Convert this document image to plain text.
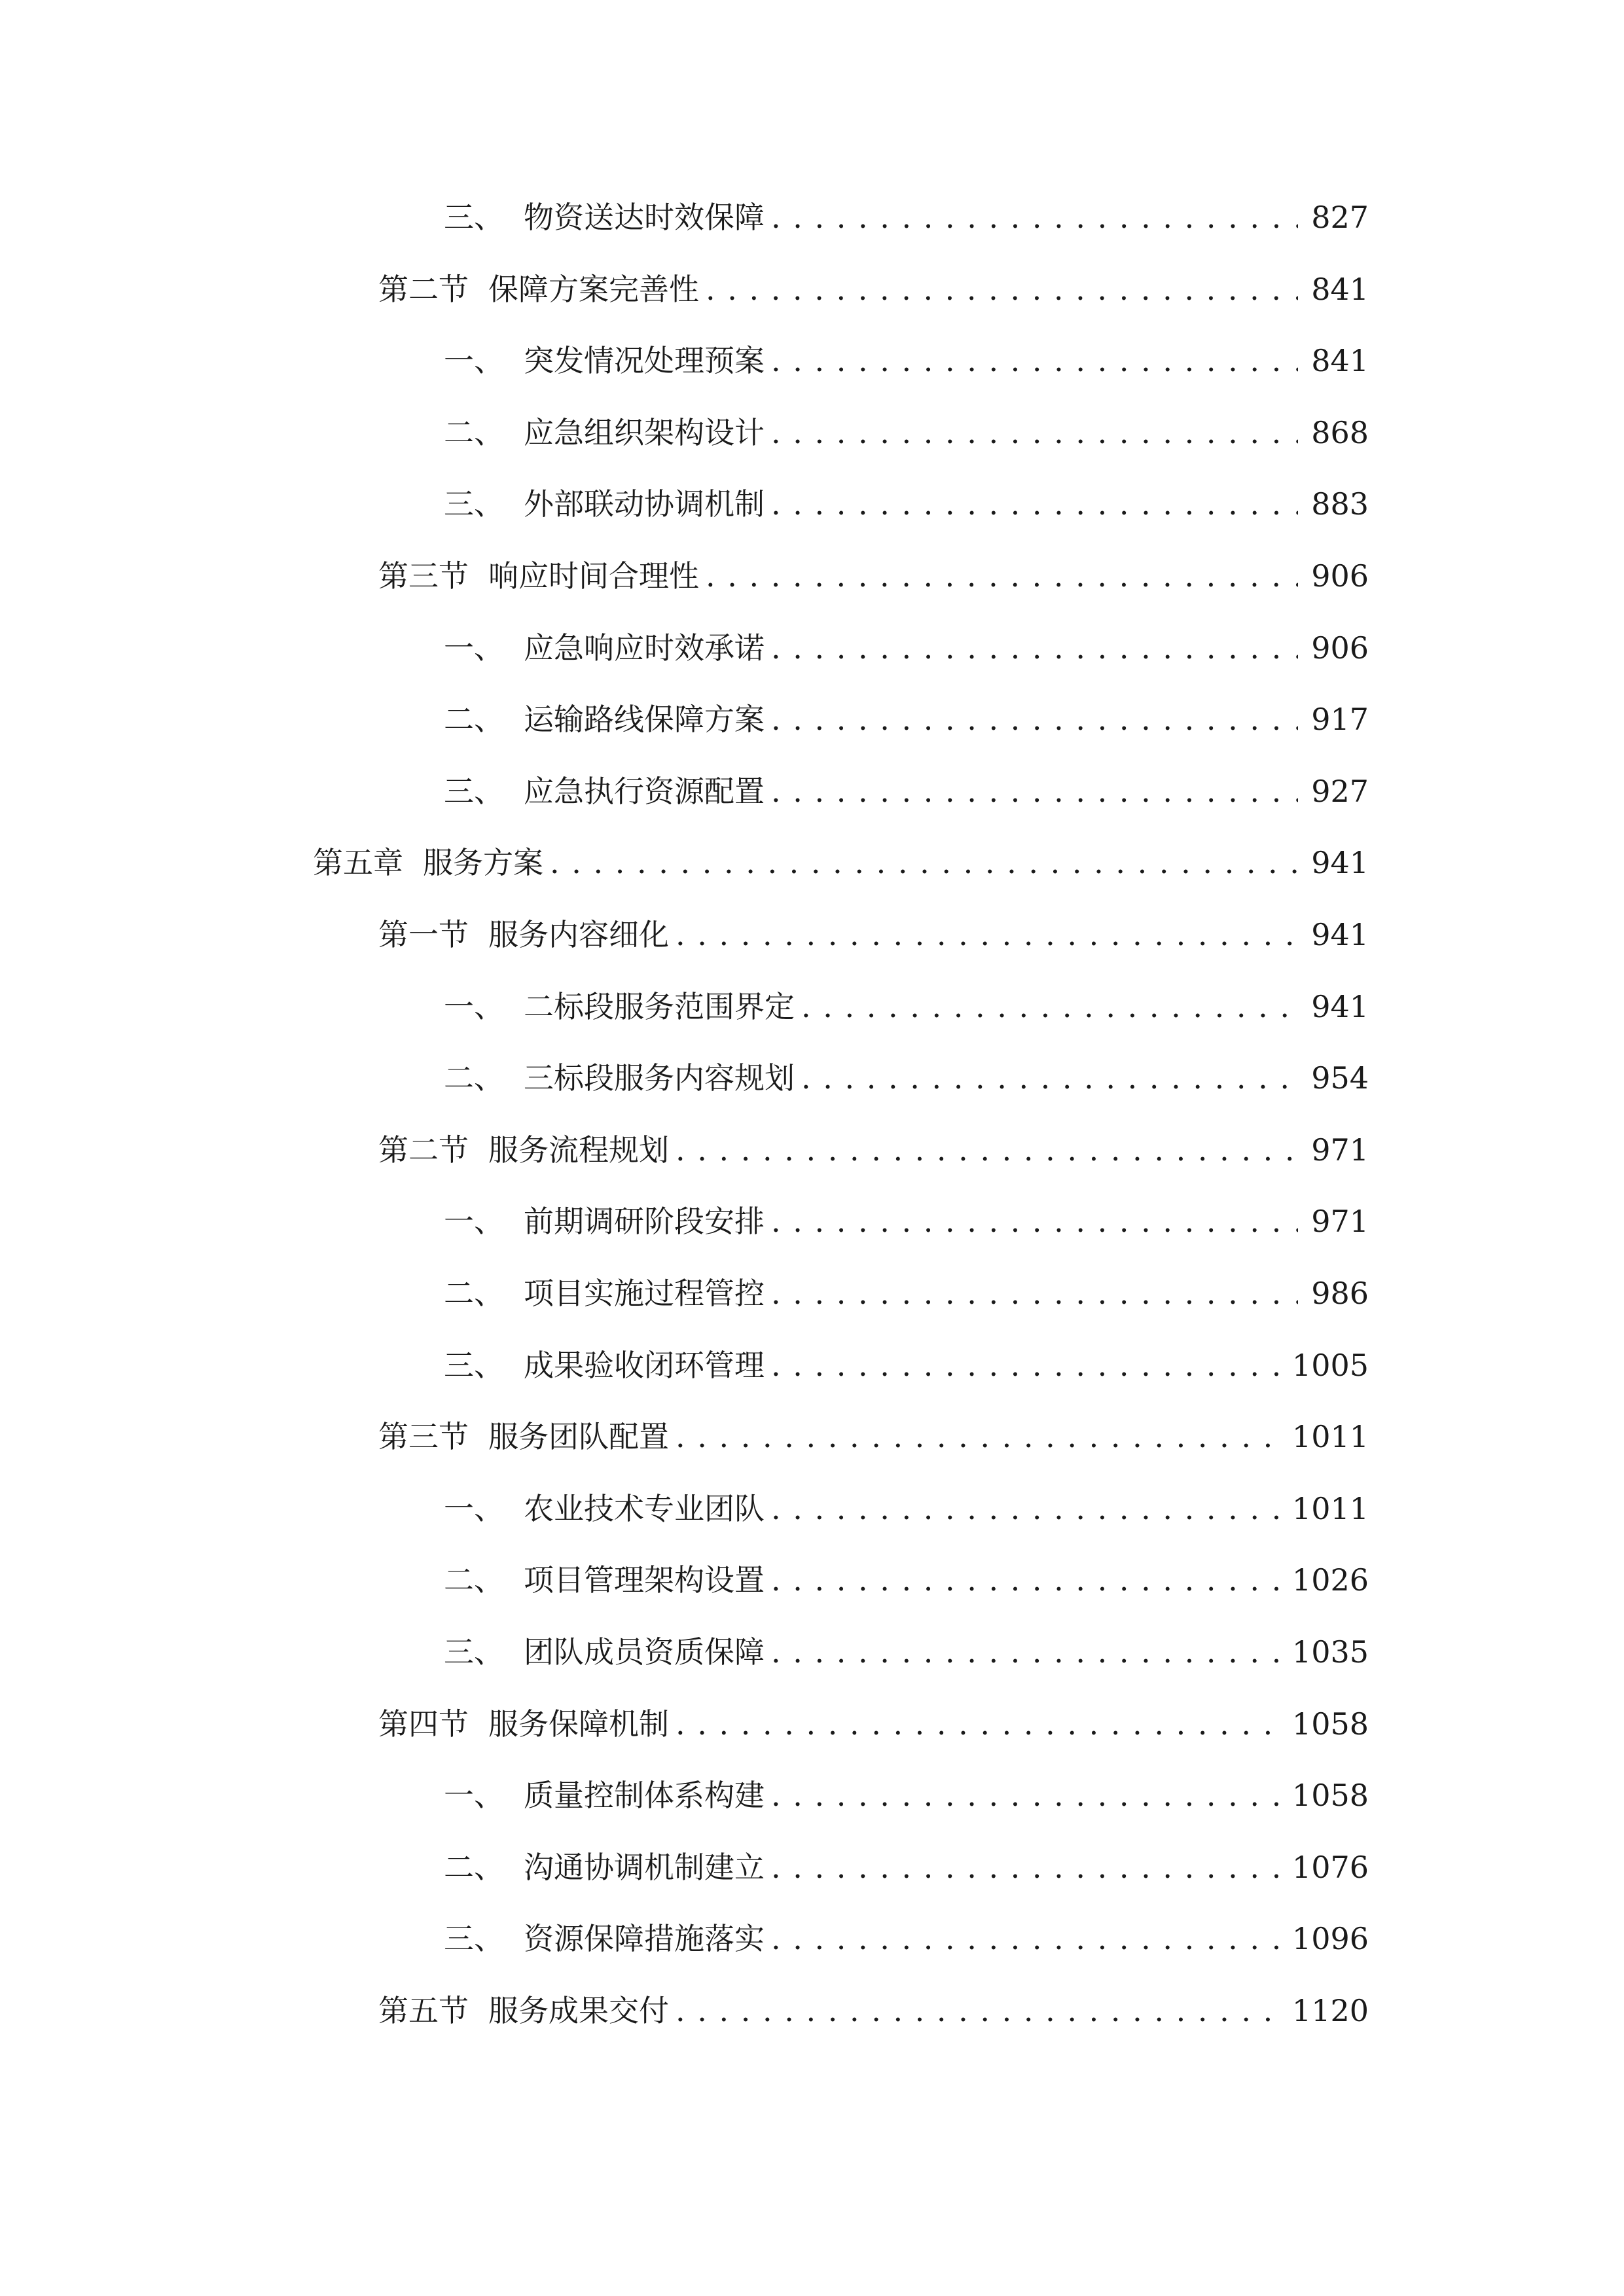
三、 物资送达时效保障 . . .	827
第二节 保障方案完善性 . . .	841
一、 突发情况处理预案 . . .	841
二、 应急组织架构设计 . . .	868
三、 外部联动协调机制 . . .	883
第三节 响应时间合理性 . . .	906
一、 应急响应时效承诺 . . .	906
二、 运输路线保障方案 . . .	917
三、 应急执行资源配置 . . .	927
第五章 服务方案 . . .	941
第一节 服务内容细化 . . .	941
一、 二标段服务范围界定 . . .	941
二、 三标段服务内容规划 . . .	954
第二节 服务流程规划 . . .	971
一、 前期调研阶段安排 . . .	971
二、 项目实施过程管控 . . .	986
三、 成果验收闭环管理 . . .	1005
第三节 服务团队配置 . . .	1011
一、 农业技术专业团队 . . .	1011
二、 项目管理架构设置 . . .	1026
三、 团队成员资质保障 . . .	1035
第四节 服务保障机制 . . .	1058
一、 质量控制体系构建 . . .	1058
二、 沟通协调机制建立 . . .	1076
三、 资源保障措施落实 . . .	1096
第五节 服务成果交付 . . .	1120
